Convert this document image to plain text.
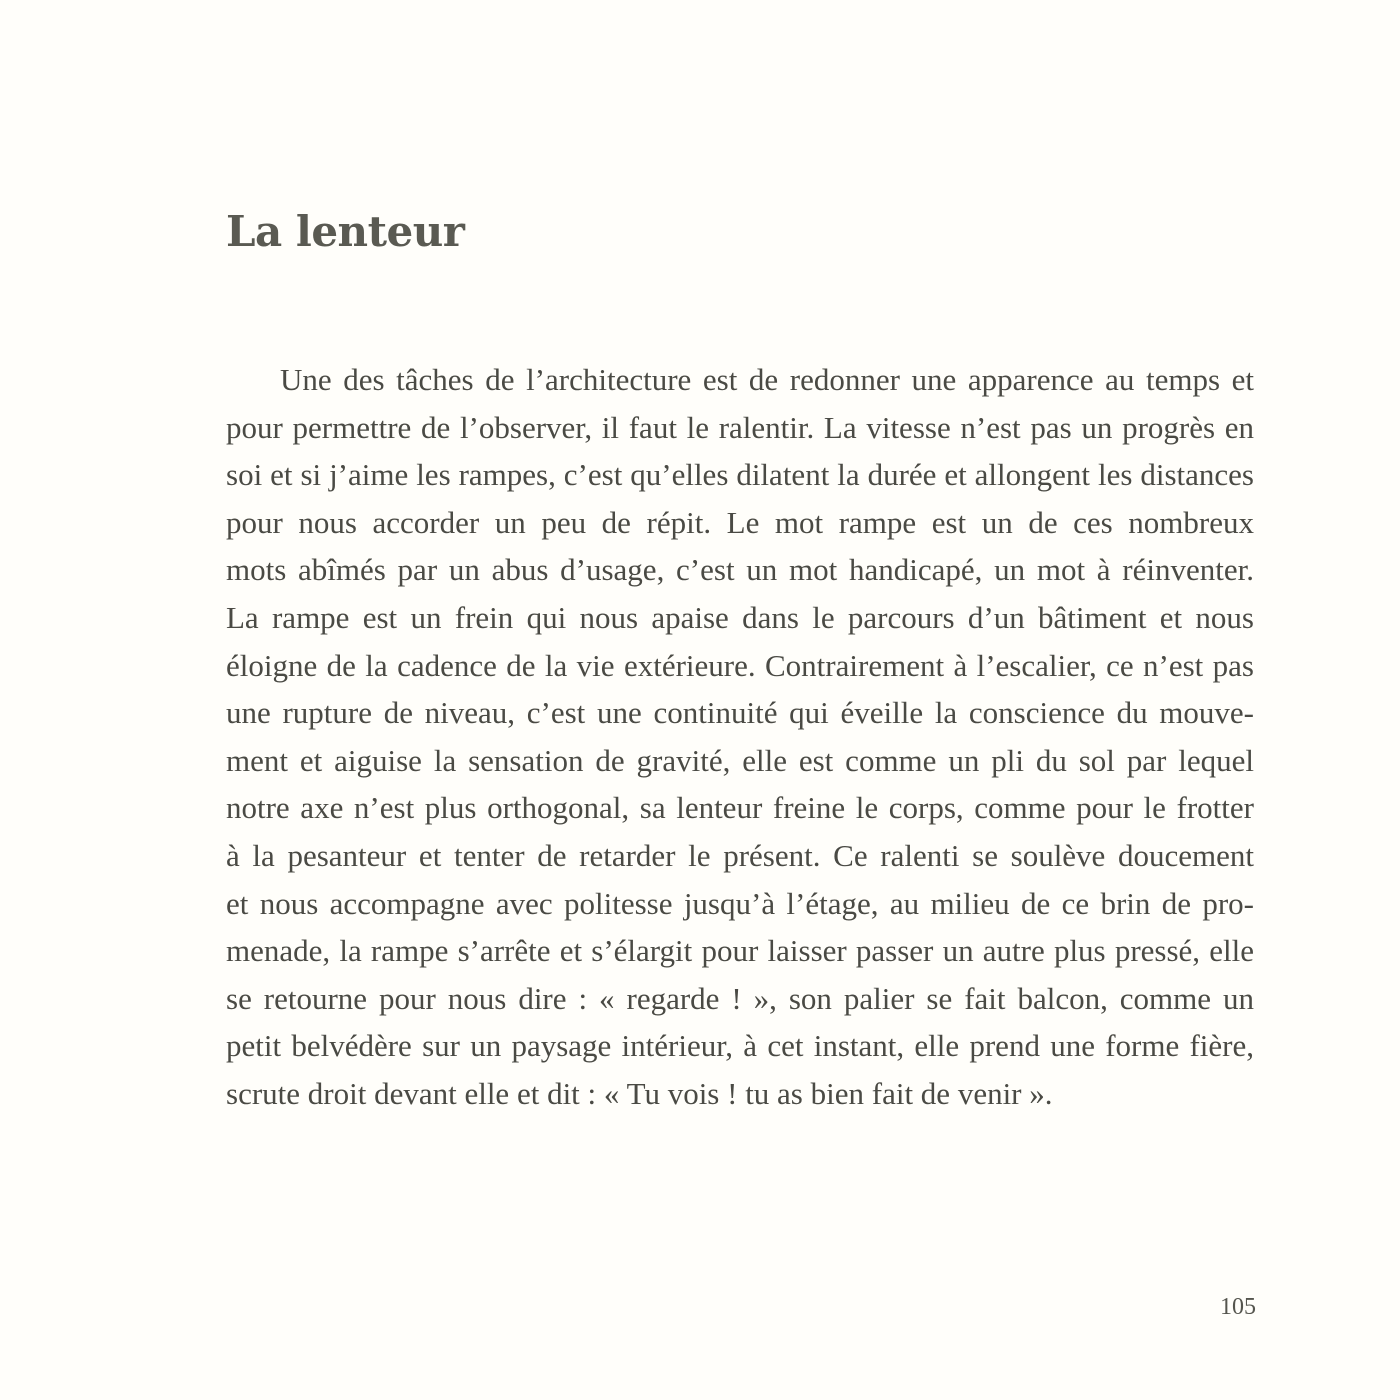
La lenteur

Une des tâches de l’architecture est de redonner une apparence au temps et
pour permettre de l’observer, il faut le ralentir. La vitesse n’est pas un progrès en
soi et si j’aime les rampes, c’est qu’elles dilatent la durée et allongent les distances
pour nous accorder un peu de répit. Le mot rampe est un de ces nombreux
mots abîmés par un abus d’usage, c’est un mot handicapé, un mot à réinventer.
La rampe est un frein qui nous apaise dans le parcours d’un bâtiment et nous
éloigne de la cadence de la vie extérieure. Contrairement à l’escalier, ce n’est pas
une rupture de niveau, c’est une continuité qui éveille la conscience du mouve-
ment et aiguise la sensation de gravité, elle est comme un pli du sol par lequel
notre axe n’est plus orthogonal, sa lenteur freine le corps, comme pour le frotter
à la pesanteur et tenter de retarder le présent. Ce ralenti se soulève doucement
et nous accompagne avec politesse jusqu’à l’étage, au milieu de ce brin de pro-
menade, la rampe s’arrête et s’élargit pour laisser passer un autre plus pressé, elle
se retourne pour nous dire : « regarde ! », son palier se fait balcon, comme un
petit belvédère sur un paysage intérieur, à cet instant, elle prend une forme fière,
scrute droit devant elle et dit : « Tu vois ! tu as bien fait de venir ».

105
